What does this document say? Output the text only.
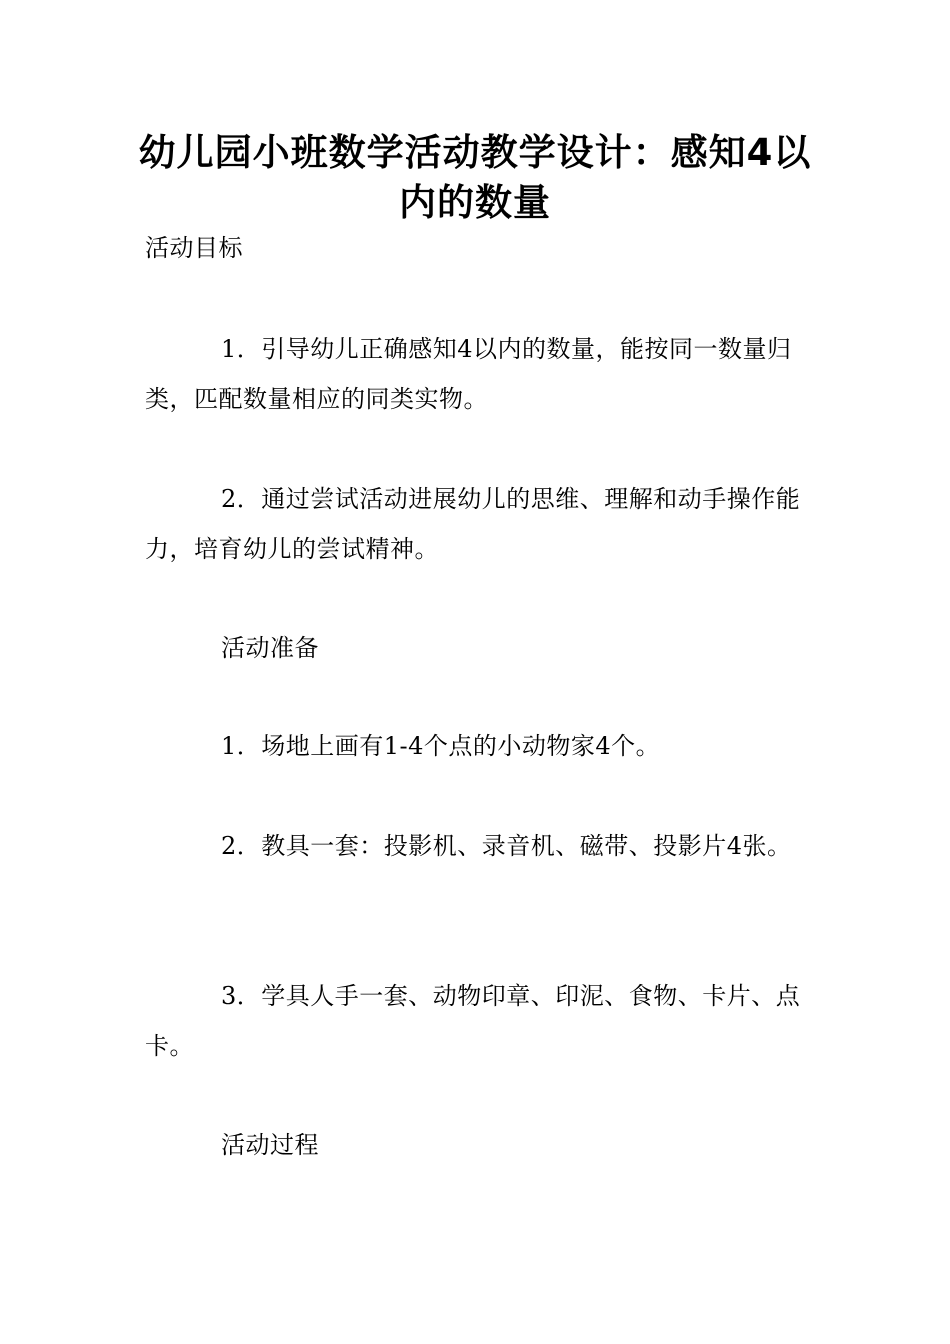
幼儿园小班数学活动教学设计：感知4以内的数量
活动目标
1．引导幼儿正确感知4以内的数量，能按同一数量归类，匹配数量相应的同类实物。
2．通过尝试活动进展幼儿的思维、理解和动手操作能力，培育幼儿的尝试精神。
活动准备
1．场地上画有1-4个点的小动物家4个。
2．教具一套：投影机、录音机、磁带、投影片4张。
3．学具人手一套、动物印章、印泥、食物、卡片、点卡。
活动过程
